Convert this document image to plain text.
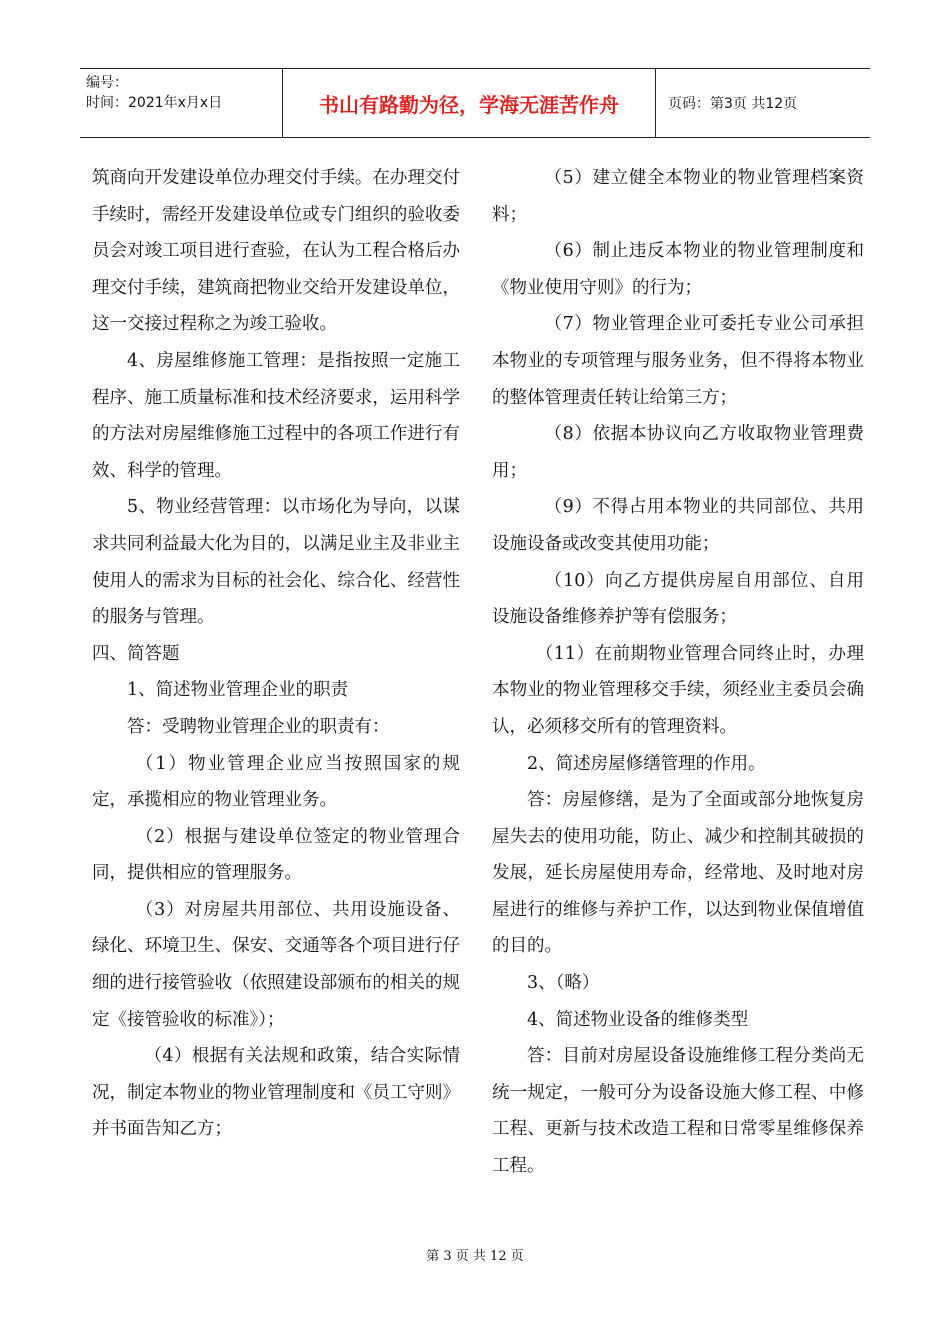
编号：
时间：2021年x月x日	书山有路勤为径，学海无涯苦作舟	页码：第3页 共12页

筑商向开发建设单位办理交付手续。在办理交付手续时，需经开发建设单位或专门组织的验收委员会对竣工项目进行查验，在认为工程合格后办理交付手续，建筑商把物业交给开发建设单位，这一交接过程称之为竣工验收。

4、房屋维修施工管理：是指按照一定施工程序、施工质量标准和技术经济要求，运用科学的方法对房屋维修施工过程中的各项工作进行有效、科学的管理。

5、物业经营管理：以市场化为导向，以谋求共同利益最大化为目的，以满足业主及非业主使用人的需求为目标的社会化、综合化、经营性的服务与管理。

四、简答题

1、简述物业管理企业的职责

答：受聘物业管理企业的职责有：

（1）物业管理企业应当按照国家的规定，承揽相应的物业管理业务。

（2）根据与建设单位签定的物业管理合同，提供相应的管理服务。

（3）对房屋共用部位、共用设施设备、绿化、环境卫生、保安、交通等各个项目进行仔细的进行接管验收（依照建设部颁布的相关的规定《接管验收的标准》）；

（4）根据有关法规和政策，结合实际情况，制定本物业的物业管理制度和《员工守则》并书面告知乙方；

（5）建立健全本物业的物业管理档案资料；

（6）制止违反本物业的物业管理制度和《物业使用守则》的行为；

（7）物业管理企业可委托专业公司承担本物业的专项管理与服务业务，但不得将本物业的整体管理责任转让给第三方；

（8）依据本协议向乙方收取物业管理费用；

（9）不得占用本物业的共同部位、共用设施设备或改变其使用功能；

（10）向乙方提供房屋自用部位、自用设施设备维修养护等有偿服务；

（11）在前期物业管理合同终止时，办理本物业的物业管理移交手续，须经业主委员会确认，必须移交所有的管理资料。

2、简述房屋修缮管理的作用。

答：房屋修缮，是为了全面或部分地恢复房屋失去的使用功能，防止、减少和控制其破损的发展，延长房屋使用寿命，经常地、及时地对房屋进行的维修与养护工作，以达到物业保值增值的目的。

3、（略）

4、简述物业设备的维修类型

答：目前对房屋设备设施维修工程分类尚无统一规定，一般可分为设备设施大修工程、中修工程、更新与技术改造工程和日常零星维修保养工程。

第 3 页 共 12 页
